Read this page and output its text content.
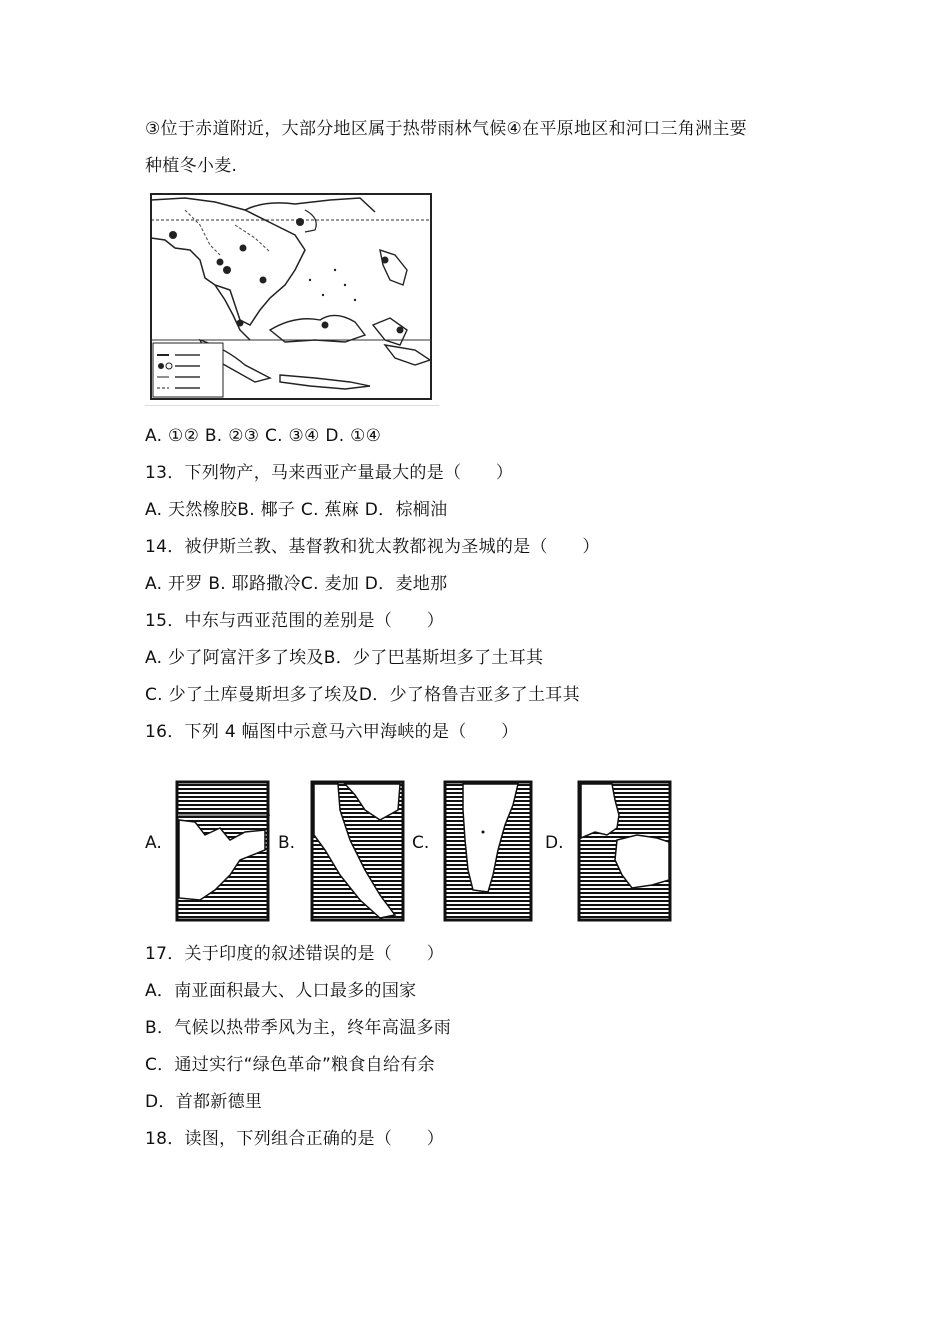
③位于赤道附近，大部分地区属于热带雨林气候④在平原地区和河口三角洲主要
种植冬小麦.
A. ①② B. ②③ C. ③④ D. ①④
13．下列物产，马来西亚产量最大的是（　　）
A. 天然橡胶B. 椰子 C. 蕉麻 D．棕榈油
14．被伊斯兰教、基督教和犹太教都视为圣城的是（　　）
A. 开罗 B. 耶路撒冷C. 麦加 D．麦地那
15．中东与西亚范围的差别是（　　）
A. 少了阿富汗多了埃及B．少了巴基斯坦多了土耳其
C. 少了土库曼斯坦多了埃及D．少了格鲁吉亚多了土耳其
16．下列 4 幅图中示意马六甲海峡的是（　　）
A.	B.	C.	D.
17．关于印度的叙述错误的是（　　）
A．南亚面积最大、人口最多的国家
B．气候以热带季风为主，终年高温多雨
C．通过实行“绿色革命”粮食自给有余
D．首都新德里
18．读图，下列组合正确的是（　　）
